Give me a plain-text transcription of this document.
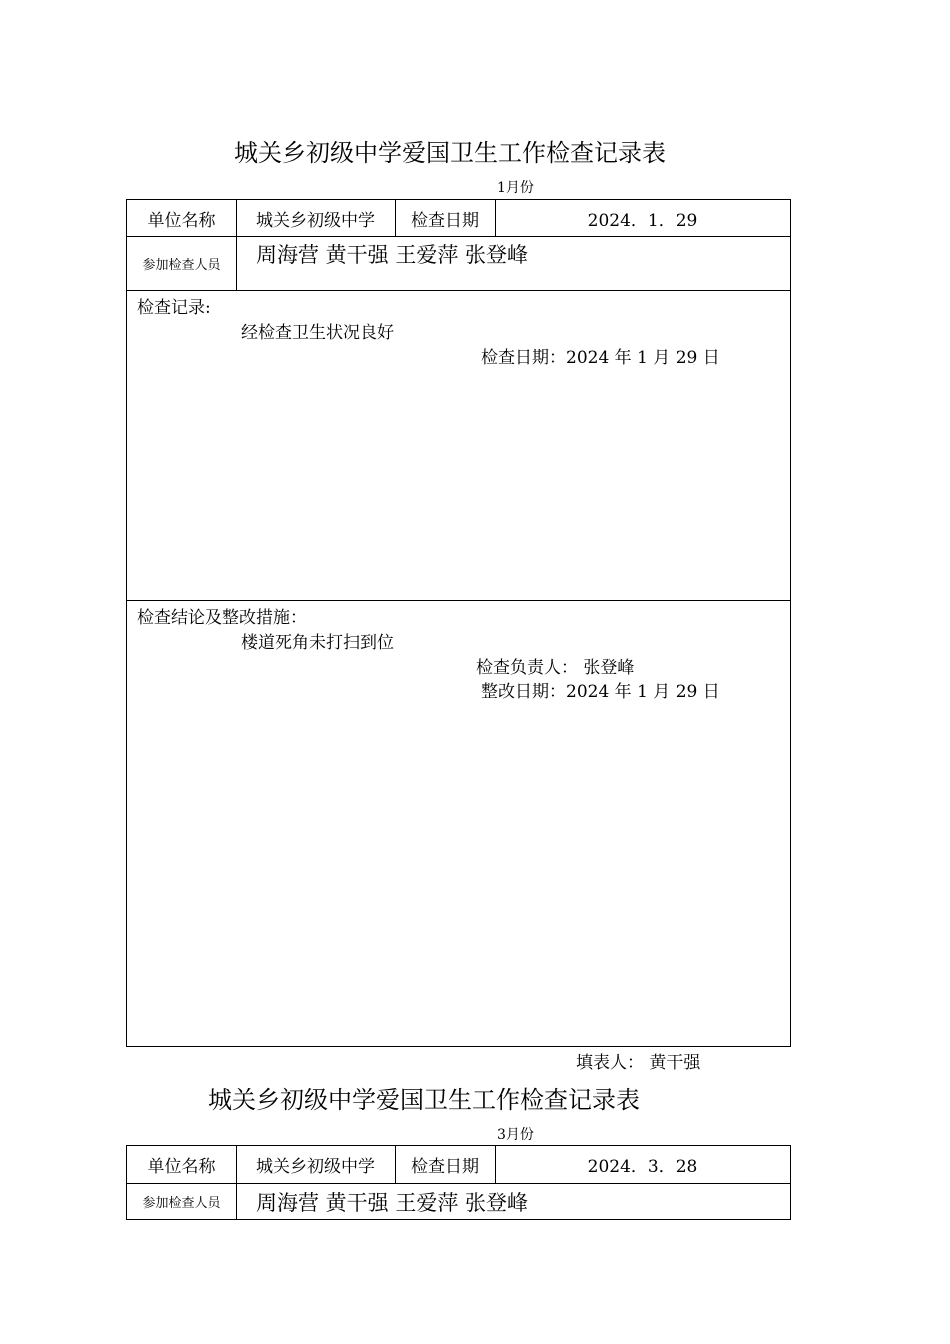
城关乡初级中学爱国卫生工作检查记录表
1月份
单位名称	城关乡初级中学	检查日期	2024．1．29
参加检查人员	周海营 黄干强 王爱萍 张登峰
检查记录:
经检查卫生状况良好
检查日期：2024 年 1 月 29 日
检查结论及整改措施：
楼道死角未打扫到位
检查负责人： 张登峰
整改日期：2024 年 1 月 29 日
填表人： 黄干强
城关乡初级中学爱国卫生工作检查记录表
3月份
单位名称	城关乡初级中学	检查日期	2024．3．28
参加检查人员	周海营 黄干强 王爱萍 张登峰
